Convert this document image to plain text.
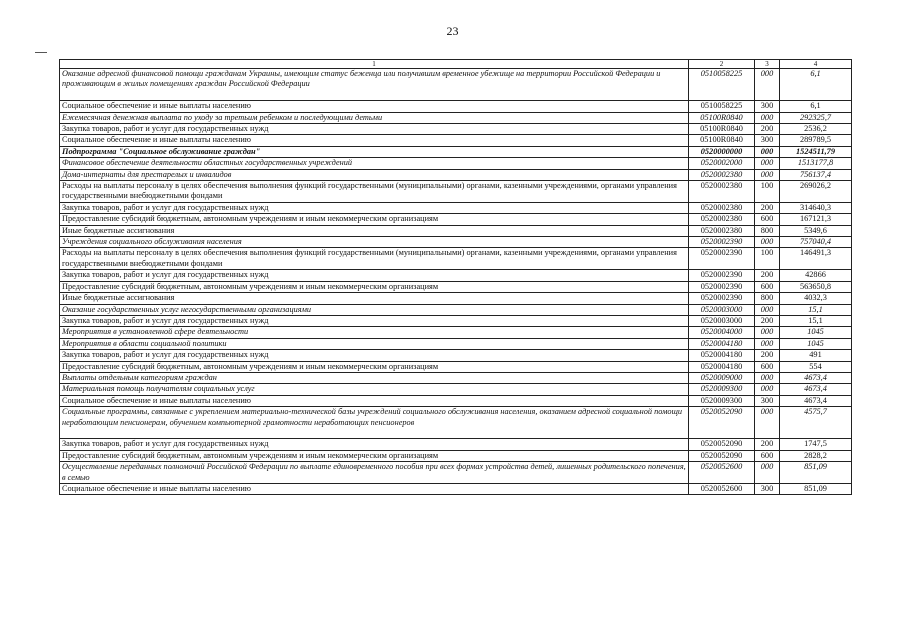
23
1	2	3	4
Оказание адресной финансовой помощи гражданам Украины, имеющим статус беженца или получившим временное убежище на территории Российской Федерации и проживающим в жилых помещениях граждан Российской Федерации	0510058225	000	6,1
Социальное обеспечение и иные выплаты населению	0510058225	300	6,1
Ежемесячная денежная выплата по уходу за третьим ребенком и последующими детьми	05100R0840	000	292325,7
Закупка товаров, работ и услуг для государственных нужд	05100R0840	200	2536,2
Социальное обеспечение и иные выплаты населению	05100R0840	300	289789,5
Подпрограмма "Социальное обслуживание граждан"	0520000000	000	1524511,79
Финансовое обеспечение деятельности областных государственных учреждений	0520002000	000	1513177,8
Дома-интернаты для престарелых и инвалидов	0520002380	000	756137,4
Расходы на выплаты персоналу в целях обеспечения выполнения функций государственными (муниципальными) органами, казенными учреждениями, органами управления государственными внебюджетными фондами	0520002380	100	269026,2
Закупка товаров, работ и услуг для государственных нужд	0520002380	200	314640,3
Предоставление субсидий бюджетным, автономным учреждениям и иным некоммерческим организациям	0520002380	600	167121,3
Иные бюджетные ассигнования	0520002380	800	5349,6
Учреждения социального обслуживания населения	0520002390	000	757040,4
Расходы на выплаты персоналу в целях обеспечения выполнения функций государственными (муниципальными) органами, казенными учреждениями, органами управления государственными внебюджетными фондами	0520002390	100	146491,3
Закупка товаров, работ и услуг для государственных нужд	0520002390	200	42866
Предоставление субсидий бюджетным, автономным учреждениям и иным некоммерческим организациям	0520002390	600	563650,8
Иные бюджетные ассигнования	0520002390	800	4032,3
Оказание государственных услуг негосударственными организациями	0520003000	000	15,1
Закупка товаров, работ и услуг для государственных нужд	0520003000	200	15,1
Мероприятия в установленной сфере деятельности	0520004000	000	1045
Мероприятия в области социальной политики	0520004180	000	1045
Закупка товаров, работ и услуг для государственных нужд	0520004180	200	491
Предоставление субсидий бюджетным, автономным учреждениям и иным некоммерческим организациям	0520004180	600	554
Выплаты отдельным категориям граждан	0520009000	000	4673,4
Материальная помощь получателям социальных услуг	0520009300	000	4673,4
Социальное обеспечение и иные выплаты населению	0520009300	300	4673,4
Социальные программы, связанные с укреплением материально-технической базы учреждений социального обслуживания населения, оказанием адресной социальной помощи неработающим пенсионерам, обучением компьютерной грамотности неработающих пенсионеров	0520052090	000	4575,7
Закупка товаров, работ и услуг для государственных нужд	0520052090	200	1747,5
Предоставление субсидий бюджетным, автономным учреждениям и иным некоммерческим организациям	0520052090	600	2828,2
Осуществление переданных полномочий Российской Федерации по выплате единовременного пособия при всех формах устройства детей, лишенных родительского попечения, в семью	0520052600	000	851,09
Социальное обеспечение и иные выплаты населению	0520052600	300	851,09
